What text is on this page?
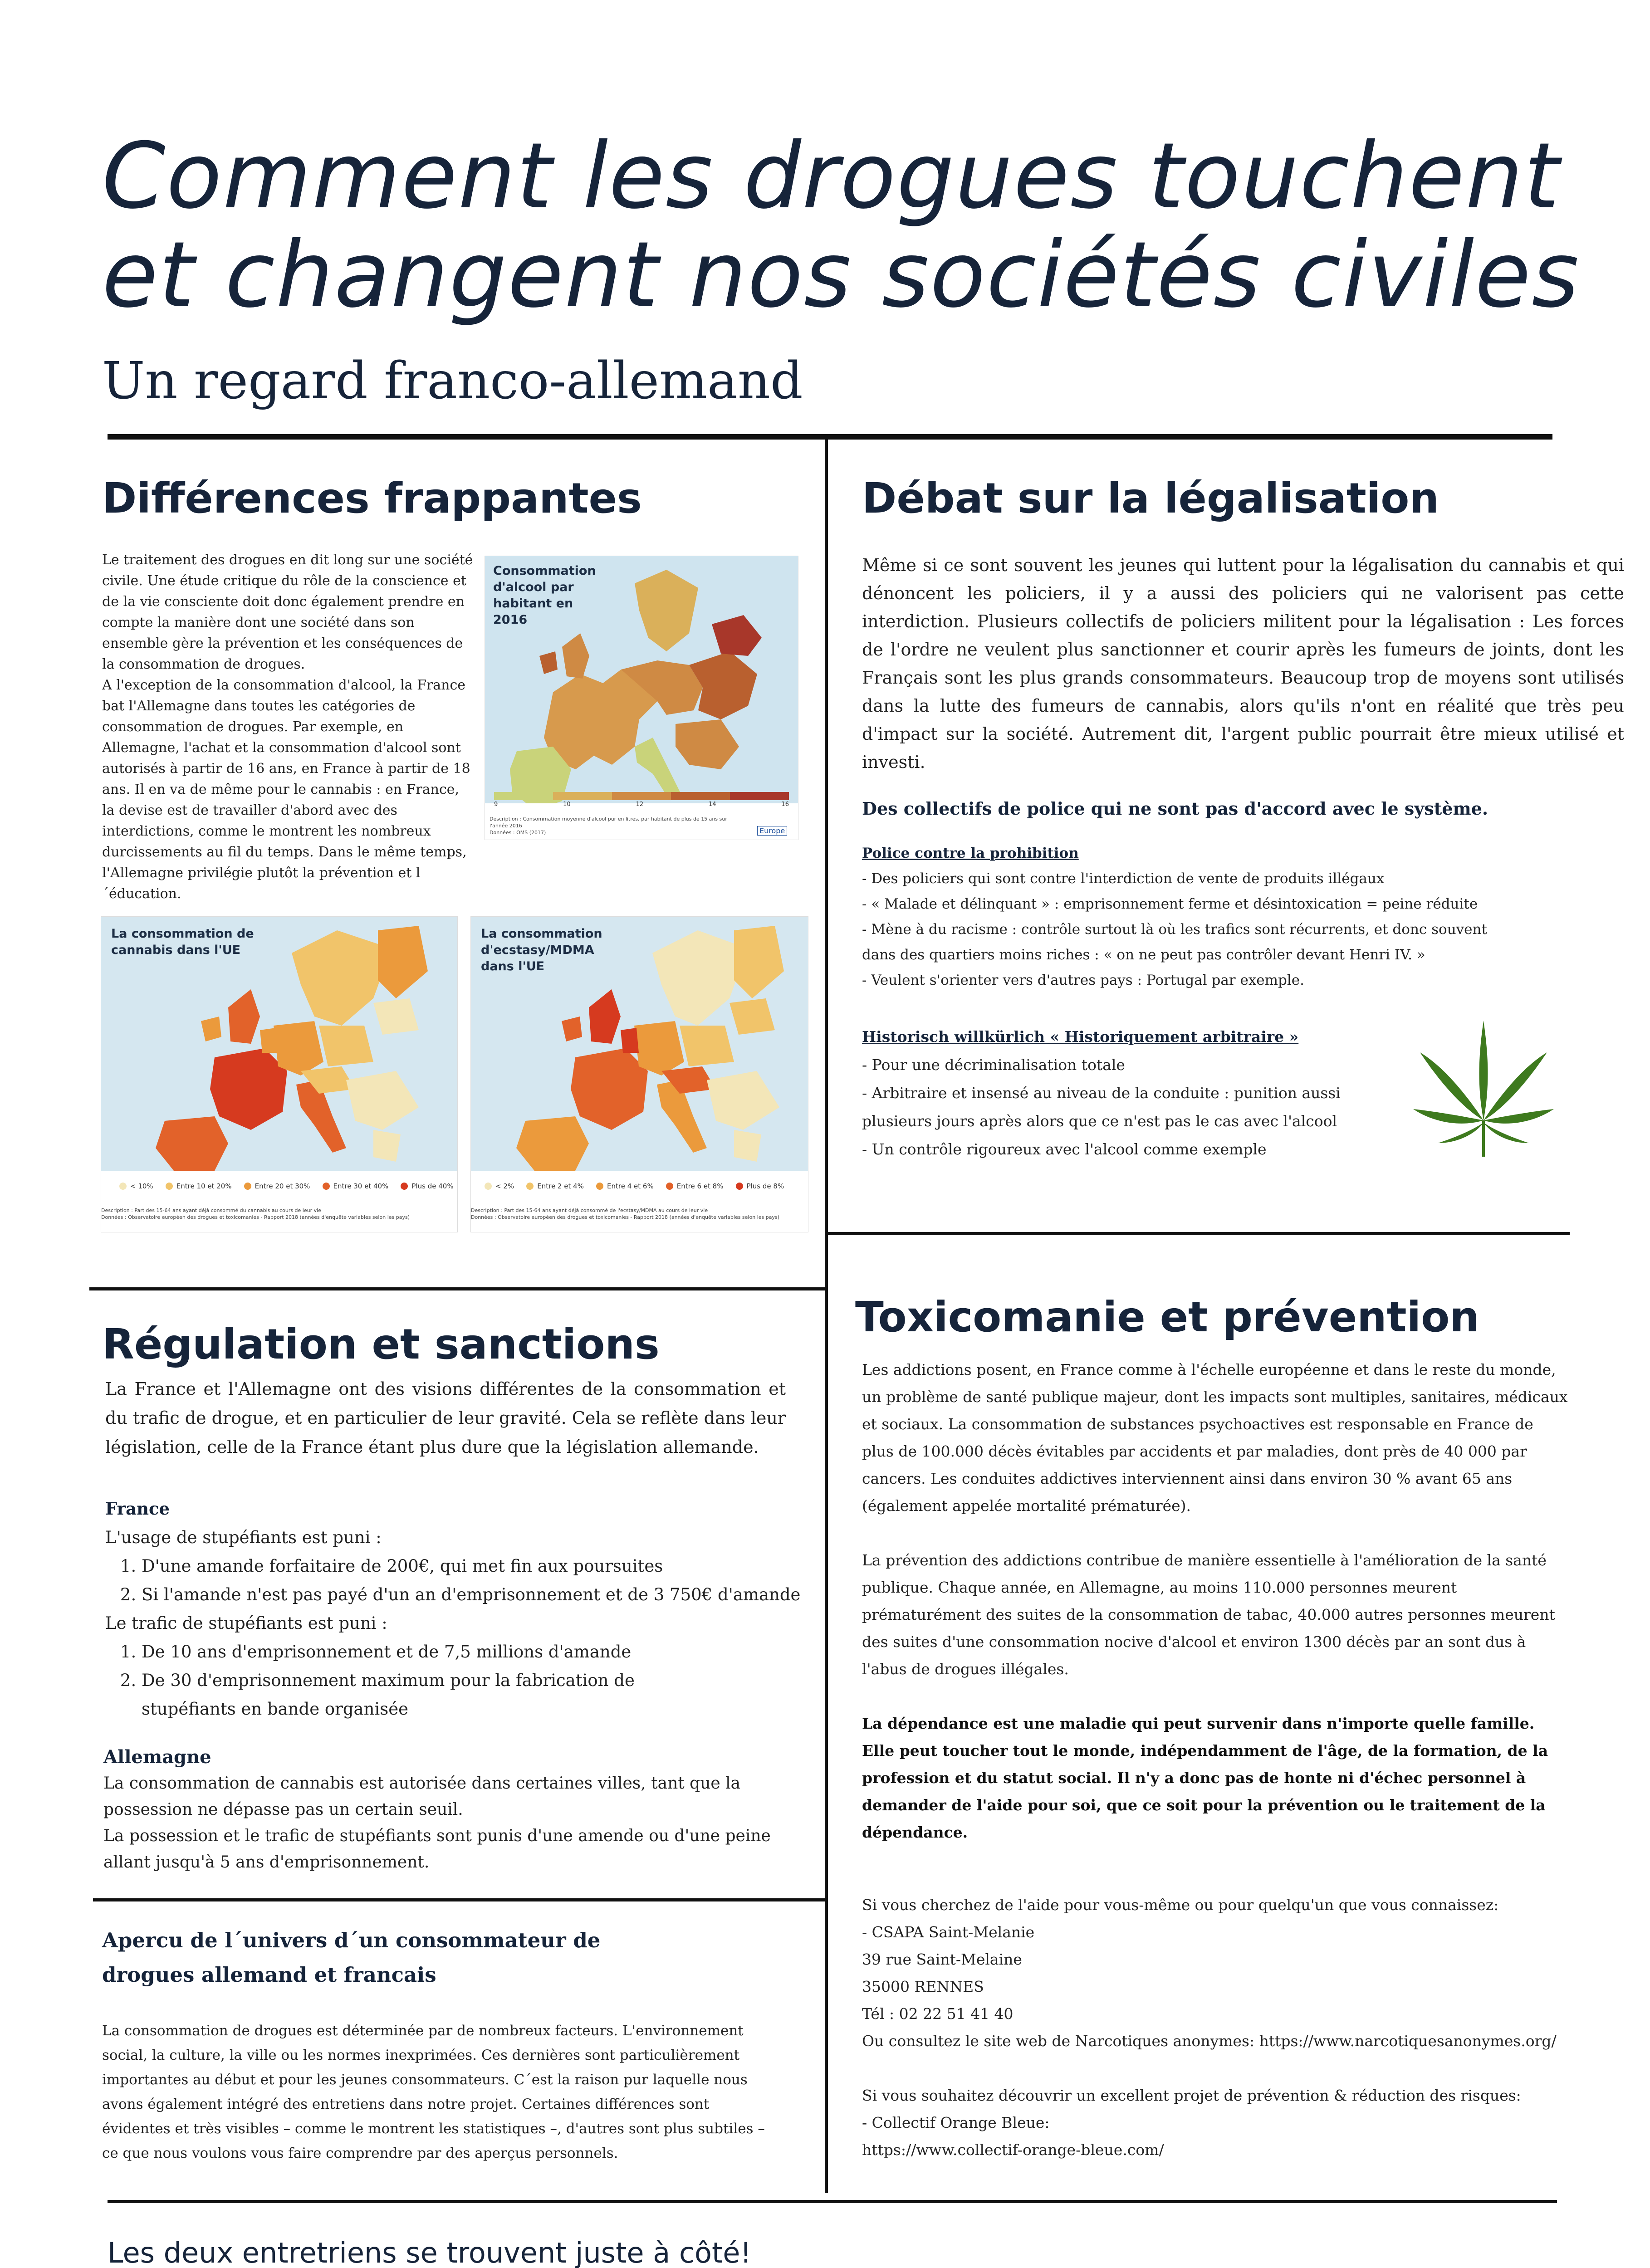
Comment les drogues touchent
et changent nos sociétés civiles
Un regard franco-allemand
Différences frappantes

Le traitement des drogues en dit long sur une société civile. Une étude critique du rôle de la conscience et de la vie consciente doit donc également prendre en compte la manière dont une société dans son ensemble gère la prévention et les conséquences de la consommation de drogues.

A l'exception de la consommation d'alcool, la France bat l'Allemagne dans toutes les catégories de consommation de drogues. Par exemple, en Allemagne, l'achat et la consommation d'alcool sont autorisés à partir de 16 ans, en France à partir de 18 ans. Il en va de même pour le cannabis : en France, la devise est de travailler d'abord avec des interdictions, comme le montrent les nombreux durcissements au fil du temps. Dans le même temps, l'Allemagne privilégie plutôt la prévention et l´éducation.

Consommation d'alcool par habitant en 2016
9	10	12	14	16
Description : Consommation moyenne d'alcool pur en litres, par habitant de plus de 15 ans sur l'année 2016
Données : OMS (2017)	Europe
La consommation de cannabis dans l'UE
< 10%
	Entre 10 et 20%
	Entre 20 et 30%
	Entre 30 et 40%
	Plus de 40%
Description : Part des 15-64 ans ayant déjà consommé du cannabis au cours de leur vie
Données : Observatoire européen des drogues et toxicomanies - Rapport 2018 (années d'enquête variables selon les pays)
La consommation d'ecstasy/MDMA dans l'UE
< 2%
	Entre 2 et 4%
	Entre 4 et 6%
	Entre 6 et 8%
	Plus de 8%
Description : Part des 15-64 ans ayant déjà consommé de l'ecstasy/MDMA au cours de leur vie
Données : Observatoire européen des drogues et toxicomanies - Rapport 2018 (années d'enquête variables selon les pays)
Débat sur la légalisation
Même si ce sont souvent les jeunes qui luttent pour la légalisation du cannabis et qui dénoncent les policiers, il y a aussi des policiers qui ne valorisent pas cette interdiction. Plusieurs collectifs de policiers militent pour la légalisation : Les forces de l'ordre ne veulent plus sanctionner et courir après les fumeurs de joints, dont les Français sont les plus grands consommateurs. Beaucoup trop de moyens sont utilisés dans la lutte des fumeurs de cannabis, alors qu'ils n'ont en réalité que très peu d'impact sur la société. Autrement dit, l'argent public pourrait être mieux utilisé et investi.
Des collectifs de police qui ne sont pas d'accord avec le système.

Police contre la prohibition

- Des policiers qui sont contre l'interdiction de vente de produits illégaux

- « Malade et délinquant » : emprisonnement ferme et désintoxication = peine réduite

- Mène à du racisme : contrôle surtout là où les trafics sont récurrents, et donc souvent dans des quartiers moins riches : « on ne peut pas contrôler devant Henri IV. »

- Veulent s'orienter vers d'autres pays : Portugal par exemple.

Historisch willkürlich « Historiquement arbitraire »

- Pour une décriminalisation totale

- Arbitraire et insensé au niveau de la conduite : punition aussi plusieurs jours après alors que ce n'est pas le cas avec l'alcool

- Un contrôle rigoureux avec l'alcool comme exemple

Régulation et sanctions
La France et l'Allemagne ont des visions différentes de la consommation et du trafic de drogue, et en particulier de leur gravité. Cela se reflète dans leur législation, celle de la France étant plus dure que la législation allemande.

France

L'usage de stupéfiants est puni :

1. D'une amande forfaitaire de 200€, qui met fin aux poursuites
2. Si l'amande n'est pas payé d'un an d'emprisonnement et de 3 750€ d'amande

Le trafic de stupéfiants est puni :

1. De 10 ans d'emprisonnement et de 7,5 millions d'amande
2. De 30 d'emprisonnement maximum pour la fabrication de stupéfiants en bande organisée

Allemagne

La consommation de cannabis est autorisée dans certaines villes, tant que la possession ne dépasse pas un certain seuil.

La possession et le trafic de stupéfiants sont punis d'une amende ou d'une peine allant jusqu'à 5 ans d'emprisonnement.

Apercu de l´univers d´un consommateur de
drogues allemand et francais
La consommation de drogues est déterminée par de nombreux facteurs. L'environnement social, la culture, la ville ou les normes inexprimées. Ces dernières sont particulièrement importantes au début et pour les jeunes consommateurs. C´est la raison pur laquelle nous avons également intégré des entretiens dans notre projet. Certaines différences sont évidentes et très visibles – comme le montrent les statistiques –, d'autres sont plus subtiles – ce que nous voulons vous faire comprendre par des aperçus personnels.
Toxicomanie et prévention

Les addictions posent, en France comme à l'échelle européenne et dans le reste du monde, un problème de santé publique majeur, dont les impacts sont multiples, sanitaires, médicaux et sociaux. La consommation de substances psychoactives est responsable en France de plus de 100.000 décès évitables par accidents et par maladies, dont près de 40 000 par cancers. Les conduites addictives interviennent ainsi dans environ 30 % avant 65 ans (également appelée mortalité prématurée).

La prévention des addictions contribue de manière essentielle à l'amélioration de la santé publique. Chaque année, en Allemagne, au moins 110.000 personnes meurent prématurément des suites de la consommation de tabac, 40.000 autres personnes meurent des suites d'une consommation nocive d'alcool et environ 1300 décès par an sont dus à l'abus de drogues illégales.

La dépendance est une maladie qui peut survenir dans n'importe quelle famille. Elle peut toucher tout le monde, indépendamment de l'âge, de la formation, de la profession et du statut social. Il n'y a donc pas de honte ni d'échec personnel à demander de l'aide pour soi, que ce soit pour la prévention ou le traitement de la dépendance.

Si vous cherchez de l'aide pour vous-même ou pour quelqu'un que vous connaissez:

- CSAPA Saint-Melanie

39 rue Saint-Melaine

35000 RENNES

Tél : 02 22 51 41 40

Ou consultez le site web de Narcotiques anonymes: https://www.narcotiquesanonymes.org/

Si vous souhaitez découvrir un excellent projet de prévention & réduction des risques:

- Collectif Orange Bleue:

https://www.collectif-orange-bleue.com/

Les deux entretriens se trouvent juste à côté!
